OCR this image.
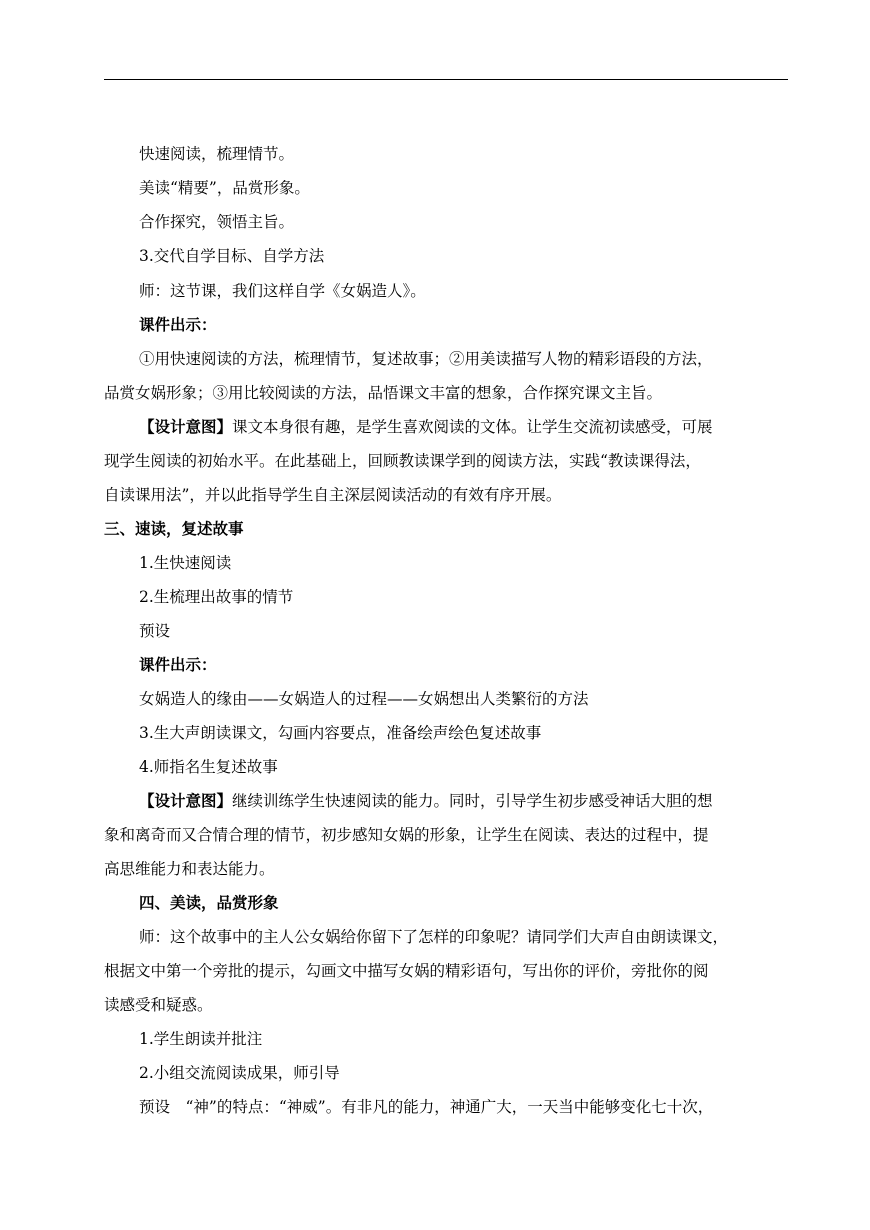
快速阅读，梳理情节。
美读“精要”，品赏形象。
合作探究，领悟主旨。
3.交代自学目标、自学方法
师：这节课，我们这样自学《女娲造人》。
课件出示：
①用快速阅读的方法，梳理情节，复述故事；②用美读描写人物的精彩语段的方法，
品赏女娲形象；③用比较阅读的方法，品悟课文丰富的想象，合作探究课文主旨。
【设计意图】课文本身很有趣，是学生喜欢阅读的文体。让学生交流初读感受，可展
现学生阅读的初始水平。在此基础上，回顾教读课学到的阅读方法，实践“教读课得法，
自读课用法”，并以此指导学生自主深层阅读活动的有效有序开展。
三、速读，复述故事
1.生快速阅读
2.生梳理出故事的情节
预设
课件出示：
女娲造人的缘由——女娲造人的过程——女娲想出人类繁衍的方法
3.生大声朗读课文，勾画内容要点，准备绘声绘色复述故事
4.师指名生复述故事
【设计意图】继续训练学生快速阅读的能力。同时，引导学生初步感受神话大胆的想
象和离奇而又合情合理的情节，初步感知女娲的形象，让学生在阅读、表达的过程中，提
高思维能力和表达能力。
四、美读，品赏形象
师：这个故事中的主人公女娲给你留下了怎样的印象呢？请同学们大声自由朗读课文，
根据文中第一个旁批的提示，勾画文中描写女娲的精彩语句，写出你的评价，旁批你的阅
读感受和疑惑。
1.学生朗读并批注
2.小组交流阅读成果，师引导
预设　“神”的特点：“神威”。有非凡的能力，神通广大，一天当中能够变化七十次，
